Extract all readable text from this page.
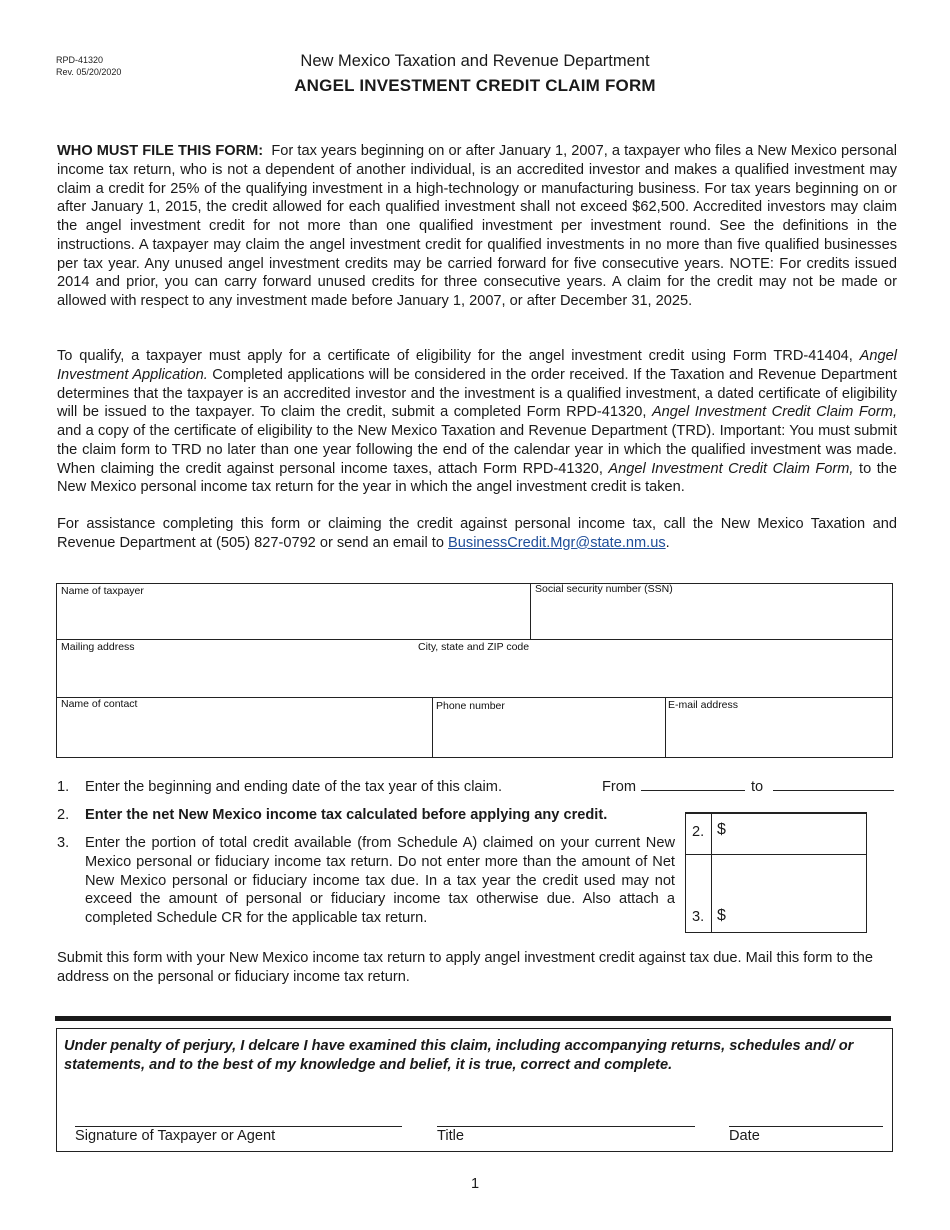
RPD-41320
Rev. 05/20/2020
New Mexico Taxation and Revenue Department
ANGEL INVESTMENT CREDIT CLAIM FORM
WHO MUST FILE THIS FORM: For tax years beginning on or after January 1, 2007, a taxpayer who files a New Mexico personal income tax return, who is not a dependent of another individual, is an accredited investor and makes a qualified investment may claim a credit for 25% of the qualifying investment in a high-technology or manufacturing business. For tax years beginning on or after January 1, 2015, the credit allowed for each qualified investment shall not exceed $62,500. Accredited investors may claim the angel investment credit for not more than one qualified investment per investment round. See the definitions in the instructions. A taxpayer may claim the angel investment credit for qualified investments in no more than five qualified businesses per tax year. Any unused angel investment credits may be carried forward for five consecutive years. NOTE: For credits issued 2014 and prior, you can carry forward unused credits for three consecutive years. A claim for the credit may not be made or allowed with respect to any investment made before January 1, 2007, or after December 31, 2025.
To qualify, a taxpayer must apply for a certificate of eligibility for the angel investment credit using Form TRD-41404, Angel Investment Application. Completed applications will be considered in the order received. If the Taxation and Revenue Department determines that the taxpayer is an accredited investor and the investment is a qualified investment, a dated certificate of eligibility will be issued to the taxpayer. To claim the credit, submit a completed Form RPD-41320, Angel Investment Credit Claim Form, and a copy of the certificate of eligibility to the New Mexico Taxation and Revenue Department (TRD). Important: You must submit the claim form to TRD no later than one year following the end of the calendar year in which the qualified investment was made. When claiming the credit against personal income taxes, attach Form RPD-41320, Angel Investment Credit Claim Form, to the New Mexico personal income tax return for the year in which the angel investment credit is taken.
For assistance completing this form or claiming the credit against personal income tax, call the New Mexico Taxation and Revenue Department at (505) 827-0792 or send an email to BusinessCredit.Mgr@state.nm.us.
Name of taxpayer	Social security number (SSN)
Mailing address	City, state and ZIP code
Name of contact	Phone number	E-mail address
1. Enter the beginning and ending date of the tax year of this claim.	From	to
2. Enter the net New Mexico income tax calculated before applying any credit.
3. Enter the portion of total credit available (from Schedule A) claimed on your current New Mexico personal or fiduciary income tax return. Do not enter more than the amount of Net New Mexico personal or fiduciary income tax due. In a tax year the credit used may not exceed the amount of personal or fiduciary income tax otherwise due. Also attach a completed Schedule CR for the applicable tax return.
2. $
3. $
Submit this form with your New Mexico income tax return to apply angel investment credit against tax due. Mail this form to the address on the personal or fiduciary income tax return.
Under penalty of perjury, I delcare I have examined this claim, including accompanying returns, schedules and/ or statements, and to the best of my knowledge and belief, it is true, correct and complete.
Signature of Taxpayer or Agent	Title	Date
1
